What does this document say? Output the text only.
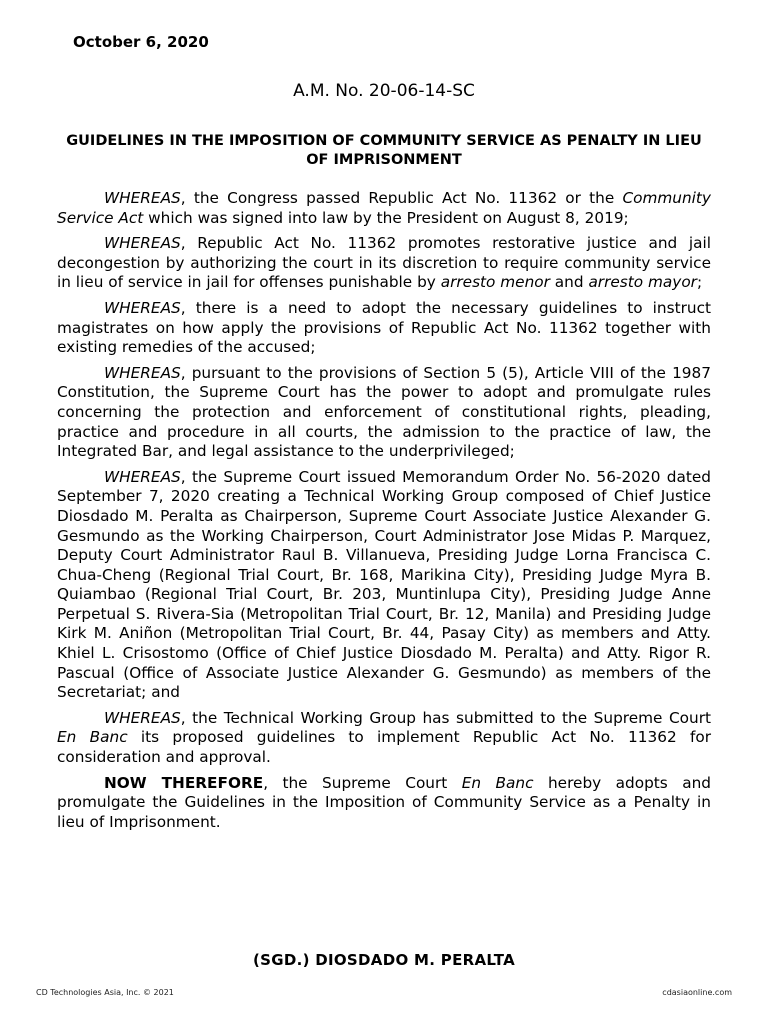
October 6, 2020
A.M. No. 20-06-14-SC
GUIDELINES IN THE IMPOSITION OF COMMUNITY SERVICE AS PENALTY IN LIEU OF IMPRISONMENT

WHEREAS, the Congress passed Republic Act No. 11362 or the Community Service Act which was signed into law by the President on August 8, 2019;

WHEREAS, Republic Act No. 11362 promotes restorative justice and jail decongestion by authorizing the court in its discretion to require community service in lieu of service in jail for offenses punishable by arresto menor and arresto mayor;

WHEREAS, there is a need to adopt the necessary guidelines to instruct magistrates on how apply the provisions of Republic Act No. 11362 together with existing remedies of the accused;

WHEREAS, pursuant to the provisions of Section 5 (5), Article VIII of the 1987 Constitution, the Supreme Court has the power to adopt and promulgate rules concerning the protection and enforcement of constitutional rights, pleading, practice and procedure in all courts, the admission to the practice of law, the Integrated Bar, and legal assistance to the underprivileged;

WHEREAS, the Supreme Court issued Memorandum Order No. 56-2020 dated September 7, 2020 creating a Technical Working Group composed of Chief Justice Diosdado M. Peralta as Chairperson, Supreme Court Associate Justice Alexander G. Gesmundo as the Working Chairperson, Court Administrator Jose Midas P. Marquez, Deputy Court Administrator Raul B. Villanueva, Presiding Judge Lorna Francisca C. Chua-Cheng (Regional Trial Court, Br. 168, Marikina City), Presiding Judge Myra B. Quiambao (Regional Trial Court, Br. 203, Muntinlupa City), Presiding Judge Anne Perpetual S. Rivera-Sia (Metropolitan Trial Court, Br. 12, Manila) and Presiding Judge Kirk M. Aniñon (Metropolitan Trial Court, Br. 44, Pasay City) as members and Atty. Khiel L. Crisostomo (Office of Chief Justice Diosdado M. Peralta) and Atty. Rigor R. Pascual (Office of Associate Justice Alexander G. Gesmundo) as members of the Secretariat; and

WHEREAS, the Technical Working Group has submitted to the Supreme Court En Banc its proposed guidelines to implement Republic Act No. 11362 for consideration and approval.

NOW THEREFORE, the Supreme Court En Banc hereby adopts and promulgate the Guidelines in the Imposition of Community Service as a Penalty in lieu of Imprisonment.

(SGD.) DIOSDADO M. PERALTA
CD Technologies Asia, Inc. © 2021	cdasiaonline.com
